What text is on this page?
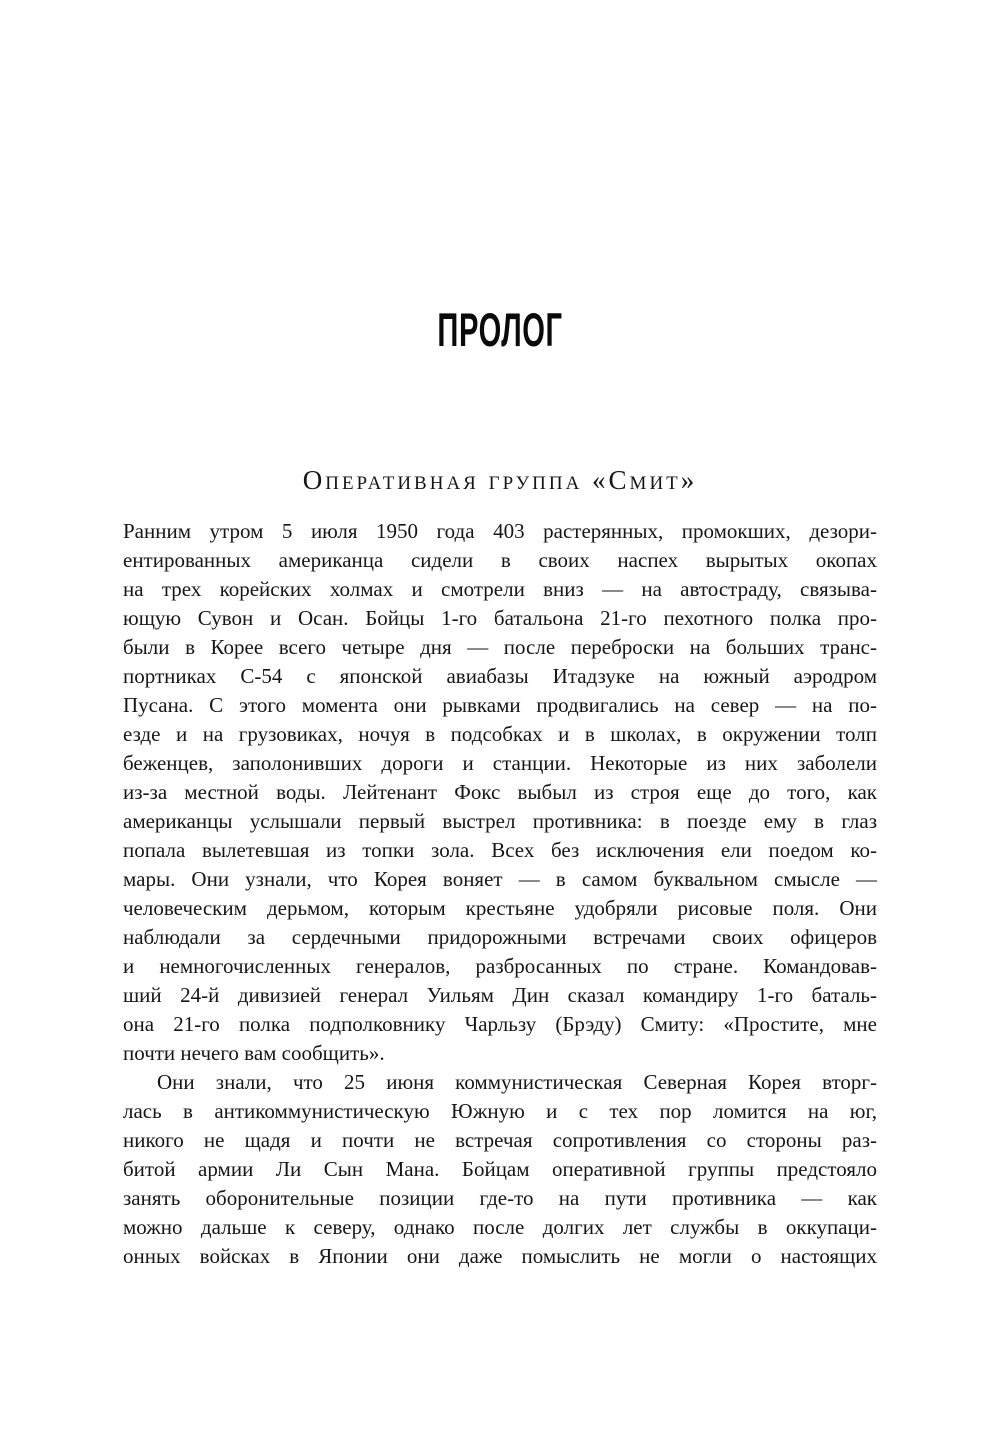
ПРОЛОГ
Оперативная группа «Смит»
Ранним утром 5 июля 1950 года 403 растерянных, промокших, дезори-
ентированных американца сидели в своих наспех вырытых окопах
на трех корейских холмах и смотрели вниз — на автостраду, связыва-
ющую Сувон и Осан. Бойцы 1-го батальона 21-го пехотного полка про-
были в Корее всего четыре дня — после переброски на больших транс-
портниках С-54 с японской авиабазы Итадзуке на южный аэродром
Пусана. С этого момента они рывками продвигались на север — на по-
езде и на грузовиках, ночуя в подсобках и в школах, в окружении толп
беженцев, заполонивших дороги и станции. Некоторые из них заболели
из-за местной воды. Лейтенант Фокс выбыл из строя еще до того, как
американцы услышали первый выстрел противника: в поезде ему в глаз
попала вылетевшая из топки зола. Всех без исключения ели поедом ко-
мары. Они узнали, что Корея воняет — в самом буквальном смысле —
человеческим дерьмом, которым крестьяне удобряли рисовые поля. Они
наблюдали за сердечными придорожными встречами своих офицеров
и немногочисленных генералов, разбросанных по стране. Командовав-
ший 24-й дивизией генерал Уильям Дин сказал командиру 1-го баталь-
она 21-го полка подполковнику Чарльзу (Брэду) Смиту: «Простите, мне
почти нечего вам сообщить».
Они знали, что 25 июня коммунистическая Северная Корея вторг-
лась в антикоммунистическую Южную и с тех пор ломится на юг,
никого не щадя и почти не встречая сопротивления со стороны раз-
битой армии Ли Сын Мана. Бойцам оперативной группы предстояло
занять оборонительные позиции где-то на пути противника — как
можно дальше к северу, однако после долгих лет службы в оккупаци-
онных войсках в Японии они даже помыслить не могли о настоящих
